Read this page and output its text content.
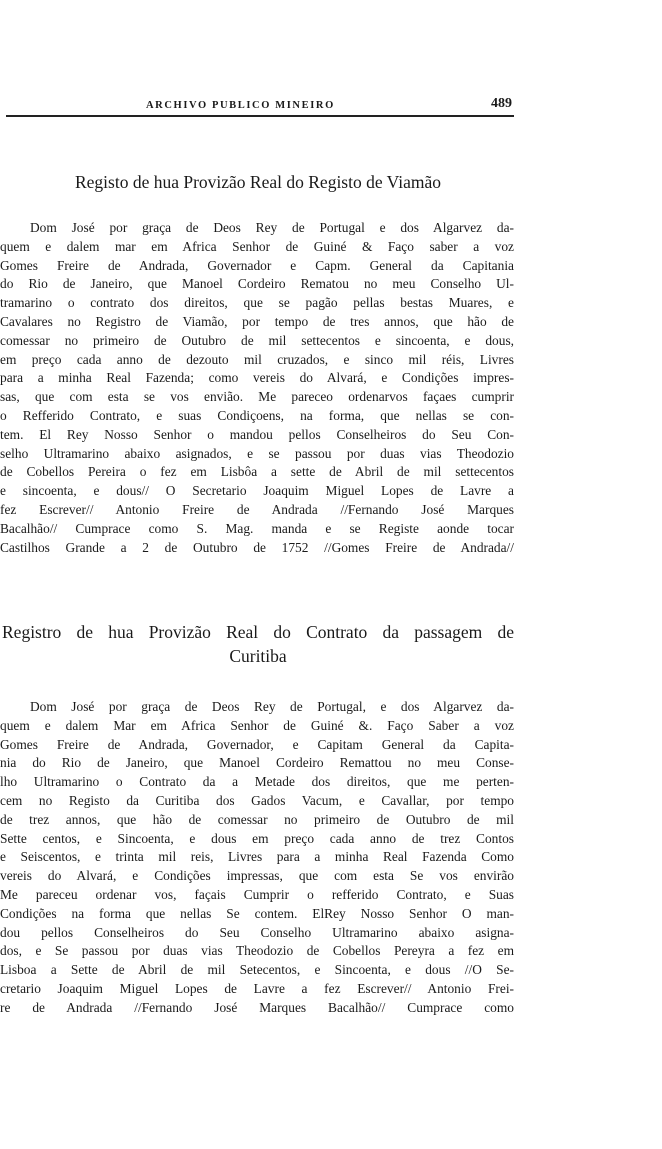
ARCHIVO PUBLICO MINEIRO	489
Registo de hua Provizão Real do Registo de Viamão
Dom José por graça de Deos Rey de Portugal e dos Algarvez da-
quem e dalem mar em Africa Senhor de Guiné & Faço saber a voz
Gomes Freire de Andrada, Governador e Capm. General da Capitania
do Rio de Janeiro, que Manoel Cordeiro Rematou no meu Conselho Ul-
tramarino o contrato dos direitos, que se pagão pellas bestas Muares, e
Cavalares no Registro de Viamão, por tempo de tres annos, que hão de
comessar no primeiro de Outubro de mil settecentos e sincoenta, e dous,
em preço cada anno de dezouto mil cruzados, e sinco mil réis, Livres
para a minha Real Fazenda; como vereis do Alvará, e Condições impres-
sas, que com esta se vos envião. Me pareceo ordenarvos façaes cumprir
o Refferido Contrato, e suas Condiçoens, na forma, que nellas se con-
tem. El Rey Nosso Senhor o mandou pellos Conselheiros do Seu Con-
selho Ultramarino abaixo asignados, e se passou por duas vias Theodozio
de Cobellos Pereira o fez em Lisbôa a sette de Abril de mil settecentos
e sincoenta, e dous// O Secretario Joaquim Miguel Lopes de Lavre a
fez Escrever// Antonio Freire de Andrada //Fernando José Marques
Bacalhão// Cumprace como S. Mag. manda e se Registe aonde tocar
Castilhos Grande a 2 de Outubro de 1752 //Gomes Freire de Andrada//
Registro de hua Provizão Real do Contrato da passagem de
Curitiba
Dom José por graça de Deos Rey de Portugal, e dos Algarvez da-
quem e dalem Mar em Africa Senhor de Guiné &. Faço Saber a voz
Gomes Freire de Andrada, Governador, e Capitam General da Capita-
nia do Rio de Janeiro, que Manoel Cordeiro Remattou no meu Conse-
lho Ultramarino o Contrato da a Metade dos direitos, que me perten-
cem no Registo da Curitiba dos Gados Vacum, e Cavallar, por tempo
de trez annos, que hão de comessar no primeiro de Outubro de mil
Sette centos, e Sincoenta, e dous em preço cada anno de trez Contos
e Seiscentos, e trinta mil reis, Livres para a minha Real Fazenda Como
vereis do Alvará, e Condições impressas, que com esta Se vos envirão
Me pareceu ordenar vos, façais Cumprir o refferido Contrato, e Suas
Condições na forma que nellas Se contem. ElRey Nosso Senhor O man-
dou pellos Conselheiros do Seu Conselho Ultramarino abaixo asigna-
dos, e Se passou por duas vias Theodozio de Cobellos Pereyra a fez em
Lisboa a Sette de Abril de mil Setecentos, e Sincoenta, e dous //O Se-
cretario Joaquim Miguel Lopes de Lavre a fez Escrever// Antonio Frei-
re de Andrada //Fernando José Marques Bacalhão// Cumprace como
